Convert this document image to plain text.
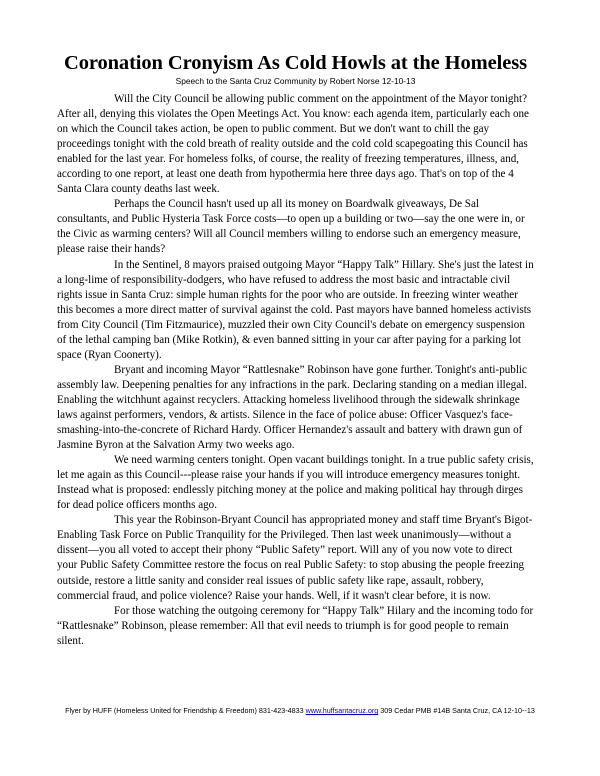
Coronation Cronyism As Cold Howls at the Homeless
Speech to the Santa Cruz Community by Robert Norse 12-10-13

Will the City Council be allowing public comment on the appointment of the Mayor tonight? After all, denying this violates the Open Meetings Act. You know: each agenda item, particularly each one on which the Council takes action, be open to public comment. But we don't want to chill the gay proceedings tonight with the cold breath of reality outside and the cold cold scapegoating this Council has enabled for the last year. For homeless folks, of course, the reality of freezing temperatures, illness, and, according to one report, at least one death from hypothermia here three days ago. That's on top of the 4 Santa Clara county deaths last week.

Perhaps the Council hasn't used up all its money on Boardwalk giveaways, De Sal consultants, and Public Hysteria Task Force costs—to open up a building or two—say the one were in, or the Civic as warming centers? Will all Council members willing to endorse such an emergency measure, please raise their hands?

In the Sentinel, 8 mayors praised outgoing Mayor “Happy Talk” Hillary. She's just the latest in a long-lime of responsibility-dodgers, who have refused to address the most basic and intractable civil rights issue in Santa Cruz: simple human rights for the poor who are outside. In freezing winter weather this becomes a more direct matter of survival against the cold. Past mayors have banned homeless activists from City Council (Tim Fitzmaurice), muzzled their own City Council's debate on emergency suspension of the lethal camping ban (Mike Rotkin), & even banned sitting in your car after paying for a parking lot space (Ryan Coonerty).

Bryant and incoming Mayor “Rattlesnake” Robinson have gone further. Tonight's anti-public assembly law. Deepening penalties for any infractions in the park. Declaring standing on a median illegal. Enabling the witchhunt against recyclers. Attacking homeless livelihood through the sidewalk shrinkage laws against performers, vendors, & artists. Silence in the face of police abuse: Officer Vasquez's face-smashing-into-the-concrete of Richard Hardy. Officer Hernandez's assault and battery with drawn gun of Jasmine Byron at the Salvation Army two weeks ago.

We need warming centers tonight. Open vacant buildings tonight. In a true public safety crisis, let me again as this Council---please raise your hands if you will introduce emergency measures tonight. Instead what is proposed: endlessly pitching money at the police and making political hay through dirges for dead police officers months ago.

This year the Robinson-Bryant Council has appropriated money and staff time Bryant's Bigot-Enabling Task Force on Public Tranquility for the Privileged. Then last week unanimously—without a dissent—you all voted to accept their phony “Public Safety” report. Will any of you now vote to direct your Public Safety Committee restore the focus on real Public Safety: to stop abusing the people freezing outside, restore a little sanity and consider real issues of public safety like rape, assault, robbery, commercial fraud, and police violence? Raise your hands. Well, if it wasn't clear before, it is now.

For those watching the outgoing ceremony for “Happy Talk” Hilary and the incoming todo for “Rattlesnake” Robinson, please remember: All that evil needs to triumph is for good people to remain silent.

Flyer by HUFF (Homeless United for Friendship & Freedom) 831-423-4833 www.huffsantacruz.org 309 Cedar PMB #14B Santa Cruz, CA 12-10--13
